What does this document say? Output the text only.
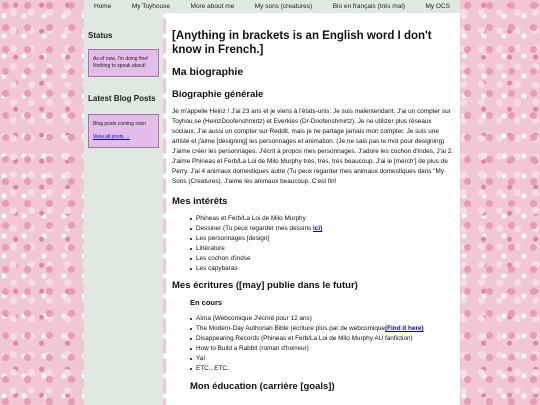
Home	My Toyhouse	More about me	My sons (creatures)	Bio en français (très mal)	My OCS
Status
As of now, I'm doing fine! Nothing to speak about!
Latest Blog Posts
Blog posts coming soon
View all posts →
[Anything in brackets is an English word I don't know in French.]
Ma biographie
Biographie générale

Je m'appelle Heinz ! J'ai 23 ans et je viens à l'états-unis. Je suis malentendant. J'ai un compter sur Toyhou.se (HeinzDoofenshmirtz) et Everkies (Dr-Doofenshmirtz). Je ne utilizer plus réseaux sociaux. J'ai aussi un compter sur Reddit, mais je ne partage jamais mon compter. Je suis une artiste et j'aime [designing] les personnages et animation. (Je ne sais pas le mot pour designing) J'aime créer les personnages. J'écrit à propos mes personnages. J'adore les cochon d'indes, J'ai 2. J'aime Phineas et Ferb/La Loi de Milo Murphy très, très, très beaucoup. J'ai le [merch'] de plus de Perry. J'ai 4 animaux domestiques autre (Tu peux regarder mes animaux domestiques dans "My Sons (Creatures). J'aime les animaux beaucoup. C'est fin!

Mes intérêts
Phineas et Ferb/La Loi de Milo Murphy
Dessiner (Tu peux regarder mes dessins ici)
Les personnages [design]
Littérature
Les cochon d'indse
Les capybaras
Mes écritures ([may] publie dans le futur)
En cours
Aïma (Webcomique J'écriré pour 12 ans)
The Modern-Day Authorian Bible (écriture plus par de webcomique(Find it here)
Disappearing Records (Phineas et Ferb/La Loi de Milo Murphy AU fanfiction)
How to Build a Rabbit (roman d'horreur)
Ya!
ETC., ETC..
Mon éducation (carrière [goals])
